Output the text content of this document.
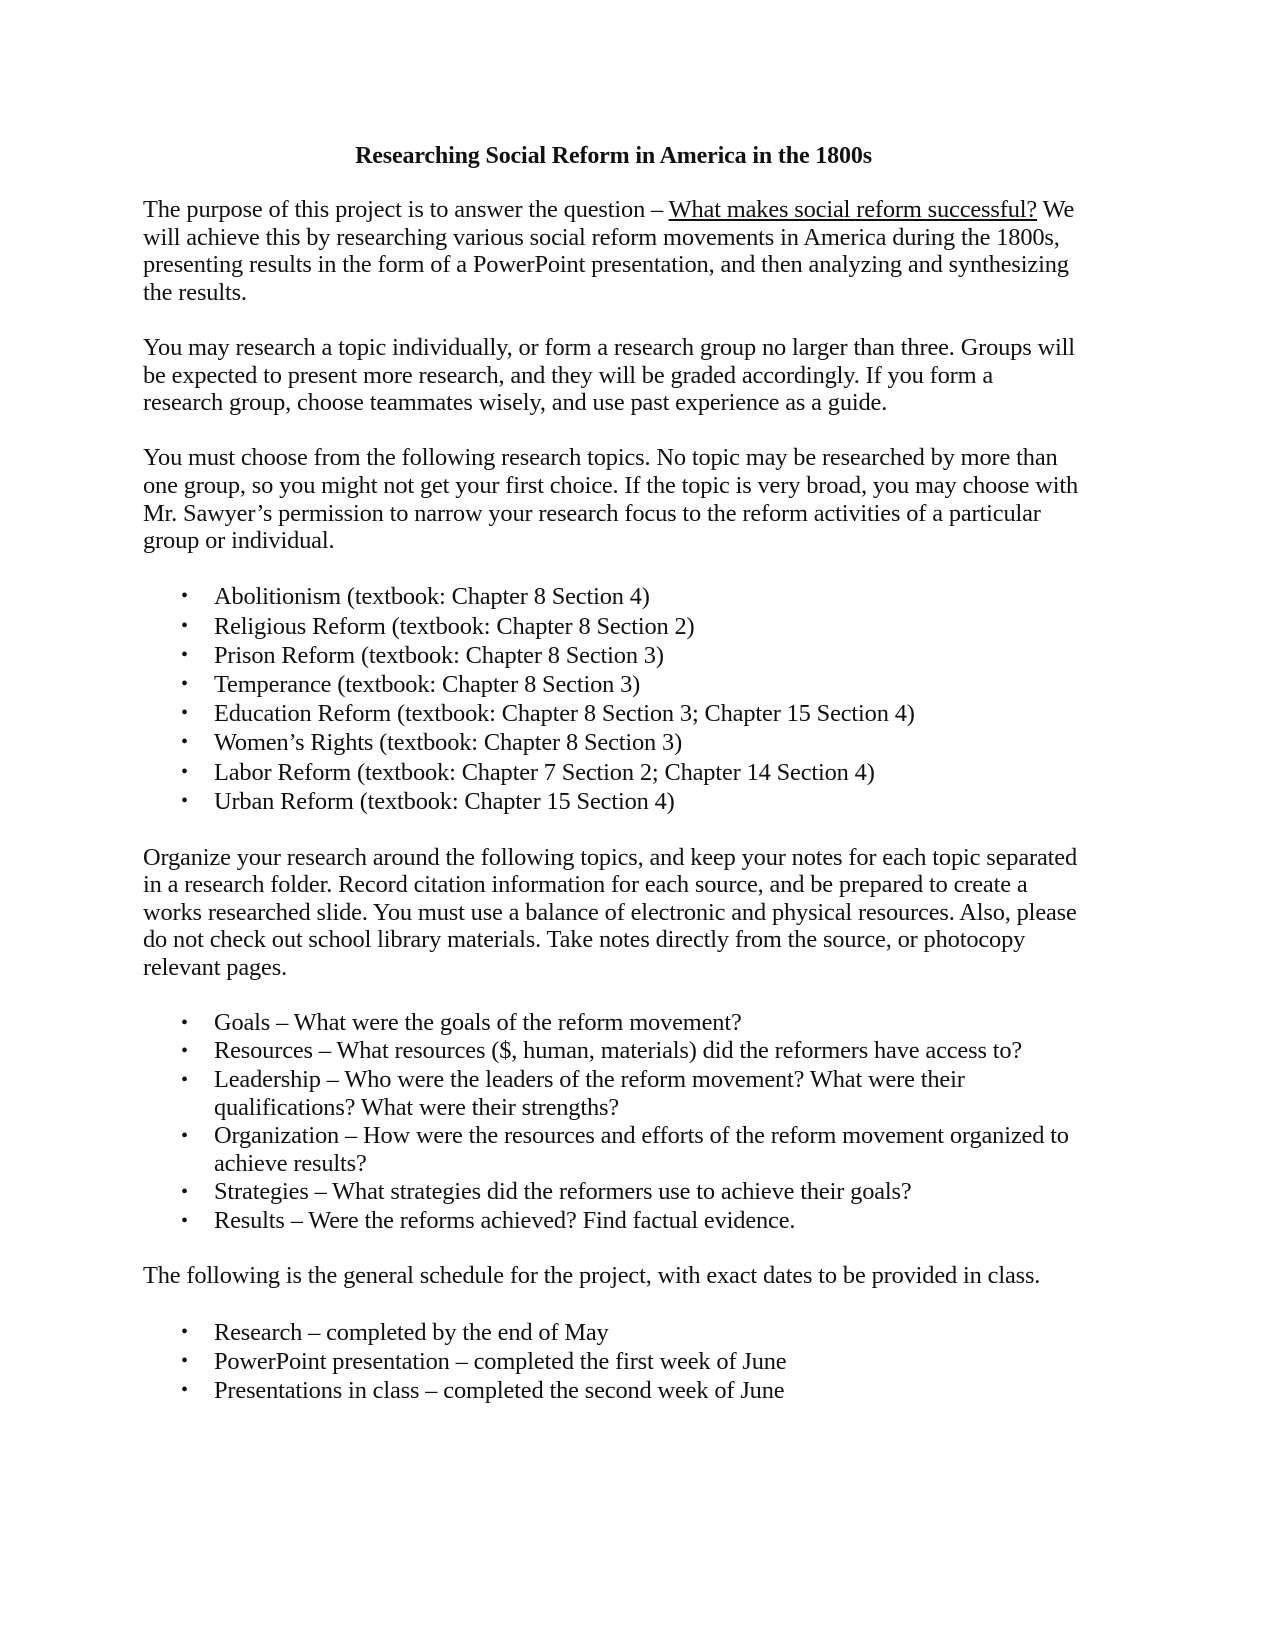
Researching Social Reform in America in the 1800s

The purpose of this project is to answer the question – What makes social reform successful? We will achieve this by researching various social reform movements in America during the 1800s, presenting results in the form of a PowerPoint presentation, and then analyzing and synthesizing the results.

You may research a topic individually, or form a research group no larger than three. Groups will be expected to present more research, and they will be graded accordingly. If you form a research group, choose teammates wisely, and use past experience as a guide.

You must choose from the following research topics. No topic may be researched by more than one group, so you might not get your first choice. If the topic is very broad, you may choose with Mr. Sawyer’s permission to narrow your research focus to the reform activities of a particular group or individual.

• Abolitionism (textbook: Chapter 8 Section 4)
• Religious Reform (textbook: Chapter 8 Section 2)
• Prison Reform (textbook: Chapter 8 Section 3)
• Temperance (textbook: Chapter 8 Section 3)
• Education Reform (textbook: Chapter 8 Section 3; Chapter 15 Section 4)
• Women’s Rights (textbook: Chapter 8 Section 3)
• Labor Reform (textbook: Chapter 7 Section 2; Chapter 14 Section 4)
• Urban Reform (textbook: Chapter 15 Section 4)

Organize your research around the following topics, and keep your notes for each topic separated in a research folder. Record citation information for each source, and be prepared to create a works researched slide. You must use a balance of electronic and physical resources. Also, please do not check out school library materials. Take notes directly from the source, or photocopy relevant pages.

• Goals – What were the goals of the reform movement?
• Resources – What resources ($, human, materials) did the reformers have access to?
• Leadership – Who were the leaders of the reform movement? What were their qualifications? What were their strengths?
• Organization – How were the resources and efforts of the reform movement organized to achieve results?
• Strategies – What strategies did the reformers use to achieve their goals?
• Results – Were the reforms achieved? Find factual evidence.

The following is the general schedule for the project, with exact dates to be provided in class.

• Research – completed by the end of May
• PowerPoint presentation – completed the first week of June
• Presentations in class – completed the second week of June
